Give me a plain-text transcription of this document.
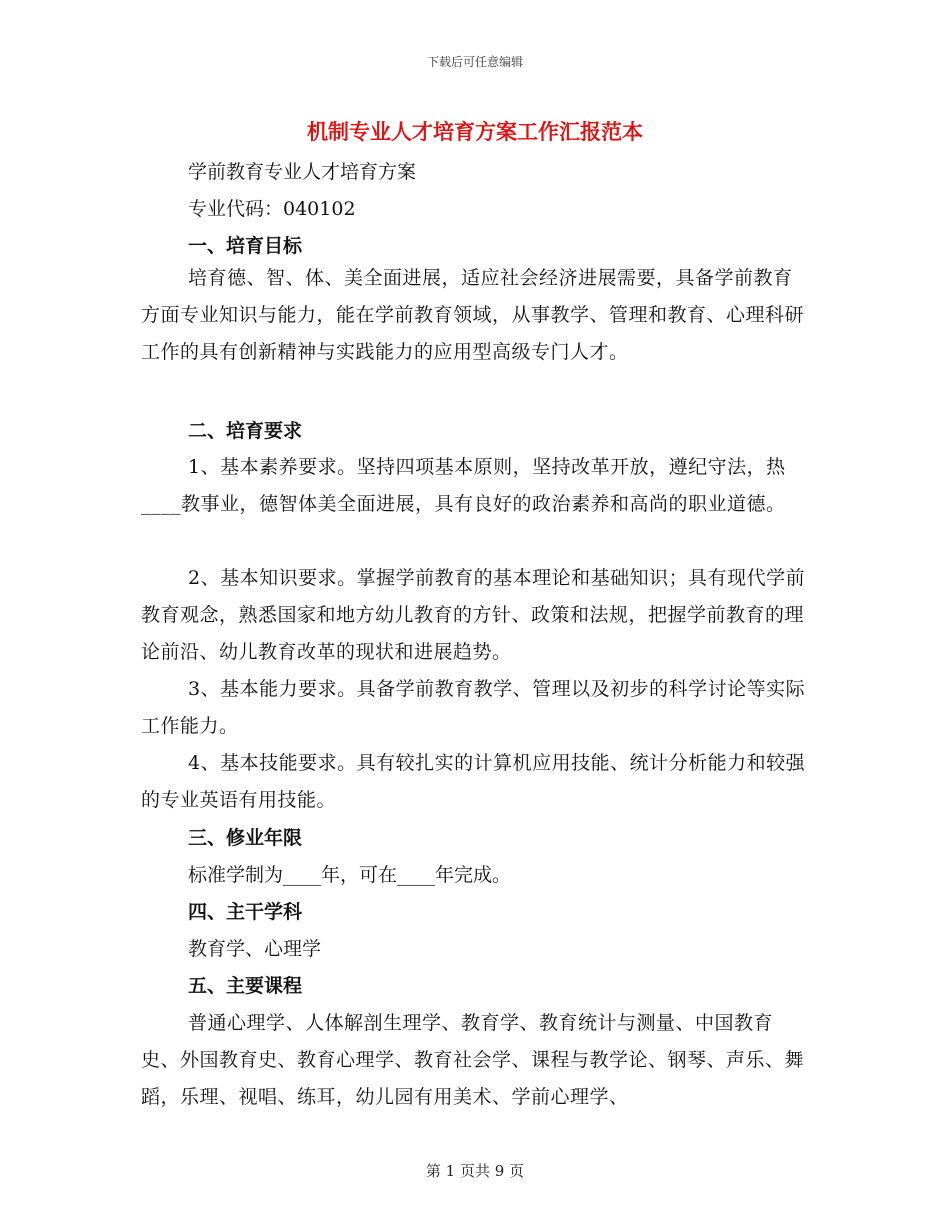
下载后可任意编辑
机制专业人才培育方案工作汇报范本
学前教育专业人才培育方案
专业代码：040102
一、培育目标
培育德、智、体、美全面进展，适应社会经济进展需要，具备学前教育方面专业知识与能力，能在学前教育领域，从事教学、管理和教育、心理科研工作的具有创新精神与实践能力的应用型高级专门人才。
二、培育要求
1、基本素养要求。坚持四项基本原则，坚持改革开放，遵纪守法，热____教事业，德智体美全面进展，具有良好的政治素养和高尚的职业道德。
2、基本知识要求。掌握学前教育的基本理论和基础知识；具有现代学前教育观念，熟悉国家和地方幼儿教育的方针、政策和法规，把握学前教育的理论前沿、幼儿教育改革的现状和进展趋势。
3、基本能力要求。具备学前教育教学、管理以及初步的科学讨论等实际工作能力。
4、基本技能要求。具有较扎实的计算机应用技能、统计分析能力和较强的专业英语有用技能。
三、修业年限
标准学制为____年，可在____年完成。
四、主干学科
教育学、心理学
五、主要课程
普通心理学、人体解剖生理学、教育学、教育统计与测量、中国教育史、外国教育史、教育心理学、教育社会学、课程与教学论、钢琴、声乐、舞蹈，乐理、视唱、练耳，幼儿园有用美术、学前心理学、
第 1 页共 9 页
